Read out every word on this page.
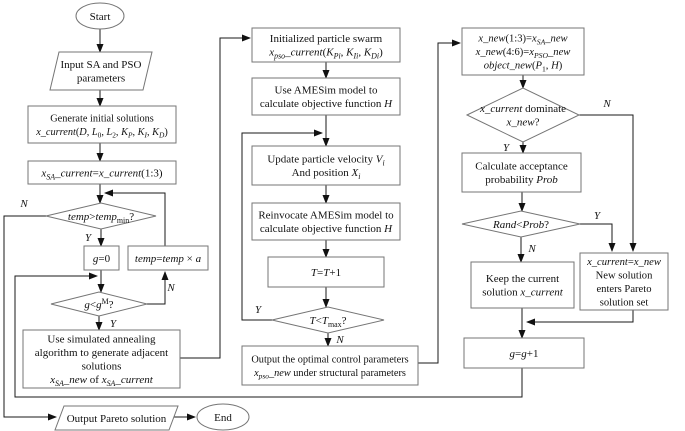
Start
Input SA and PSO
parameters
Generate initial solutions
x_current(D, $L_0$, $L_2$, $K_P$, $K_I$, $K_D$)
$x_{SA}\_current=x\_current(1:3)$
temp>temp$_{min}$?
g=0 temp=temp × a
$g<g^M$?
Use simulated annealing
algorithm to generate adjacent
solutions
$x_{SA}\_new$ of $x_{SA}\_current$
Output Pareto solution	End
Initialized particle swarm
$x_{pso}\_current(K_{Pi}$, $K_{Ii}$, $K_{Di}$)
Use AMESim model to
calculate objective function H
Update particle velocity $V_i$
And position $X_i$
Reinvocate AMESim model to
calculate objective function H
T=T+1
$T<T_{max}$?
Output the optimal control parameters
$x_{pso}\_new$ under structural parameters
$x\_new(1:3)=x_{SA}\_new$
$x\_new(4:6)=x_{PSO}\_new$
$object\_new(P_1$, H)
x_current dominate
x_new?
Calculate acceptance
probability Prob
Rand<Prob?
Keep the current
solution x_current
x_current=x_new
New solution
enters Pareto
solution set
g=g+1
N
Y
N
Y
Y
N
N
Y
Y
N
